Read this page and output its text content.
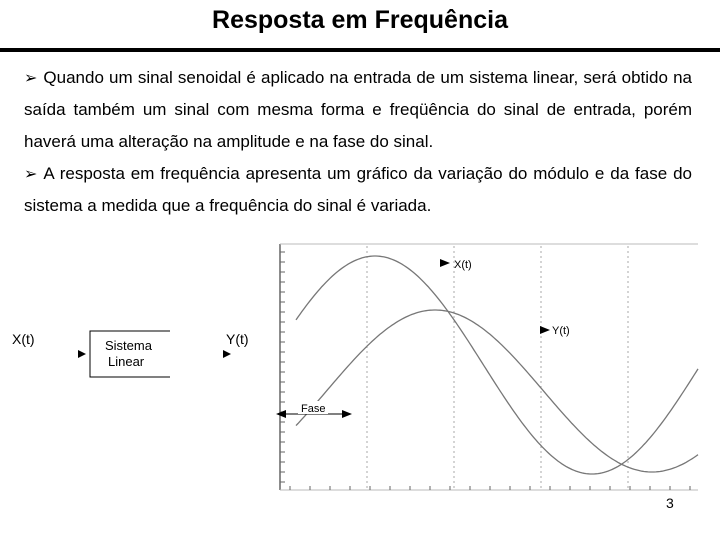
Resposta em Frequência

➢ Quando um sinal senoidal é aplicado na entrada de um sistema linear, será obtido na saída também um sinal com mesma forma e freqüência do sinal de entrada, porém haverá uma alteração na amplitude e na fase do sinal.

➢ A resposta em frequência apresenta um gráfico da variação do módulo e da fase do sistema a medida que a frequência do sinal é variada.

X(t)	Sistema
Linear
Y(t)
X(t)
Y(t)
Fase
3
